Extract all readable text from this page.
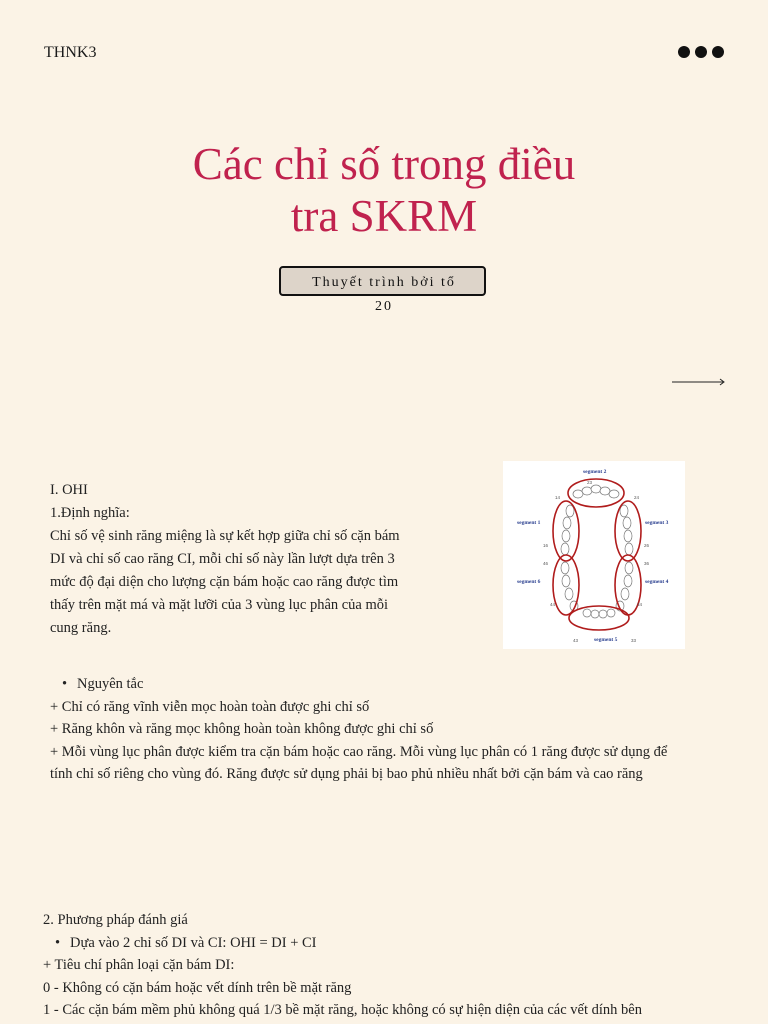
THNK3
Các chỉ số trong điều
tra SKRM
Thuyết trình bởi tổ
20
I. OHI
1.Định nghĩa:
Chỉ số vệ sinh răng miệng là sự kết hợp giữa chỉ số cặn bám
DI và chỉ số cao răng CI, mỗi chỉ số này lần lượt dựa trên 3
mức độ đại diện cho lượng cặn bám hoặc cao răng được tìm
thấy trên mặt má và mặt lưỡi của 3 vùng lục phân của mỗi
cung răng.
segment 2
segment 1	segment 3
segment 6	segment 4
segment 5
23
14	24
16	26
36
46
44	34
43	33
• Nguyên tắc
+ Chỉ có răng vĩnh viễn mọc hoàn toàn được ghi chỉ số
+ Răng khôn và răng mọc không hoàn toàn không được ghi chỉ số
+ Mỗi vùng lục phân được kiểm tra cặn bám hoặc cao răng. Mỗi vùng lục phân có 1 răng được sử dụng để
tính chỉ số riêng cho vùng đó. Răng được sử dụng phải bị bao phủ nhiều nhất bởi cặn bám và cao răng
2. Phương pháp đánh giá
• Dựa vào 2 chỉ số DI và CI: OHI = DI + CI
+ Tiêu chí phân loại cặn bám DI:
0 - Không có cặn bám hoặc vết dính trên bề mặt răng
1 - Các cặn bám mềm phủ không quá 1/3 bề mặt răng, hoặc không có sự hiện diện của các vết dính bên
